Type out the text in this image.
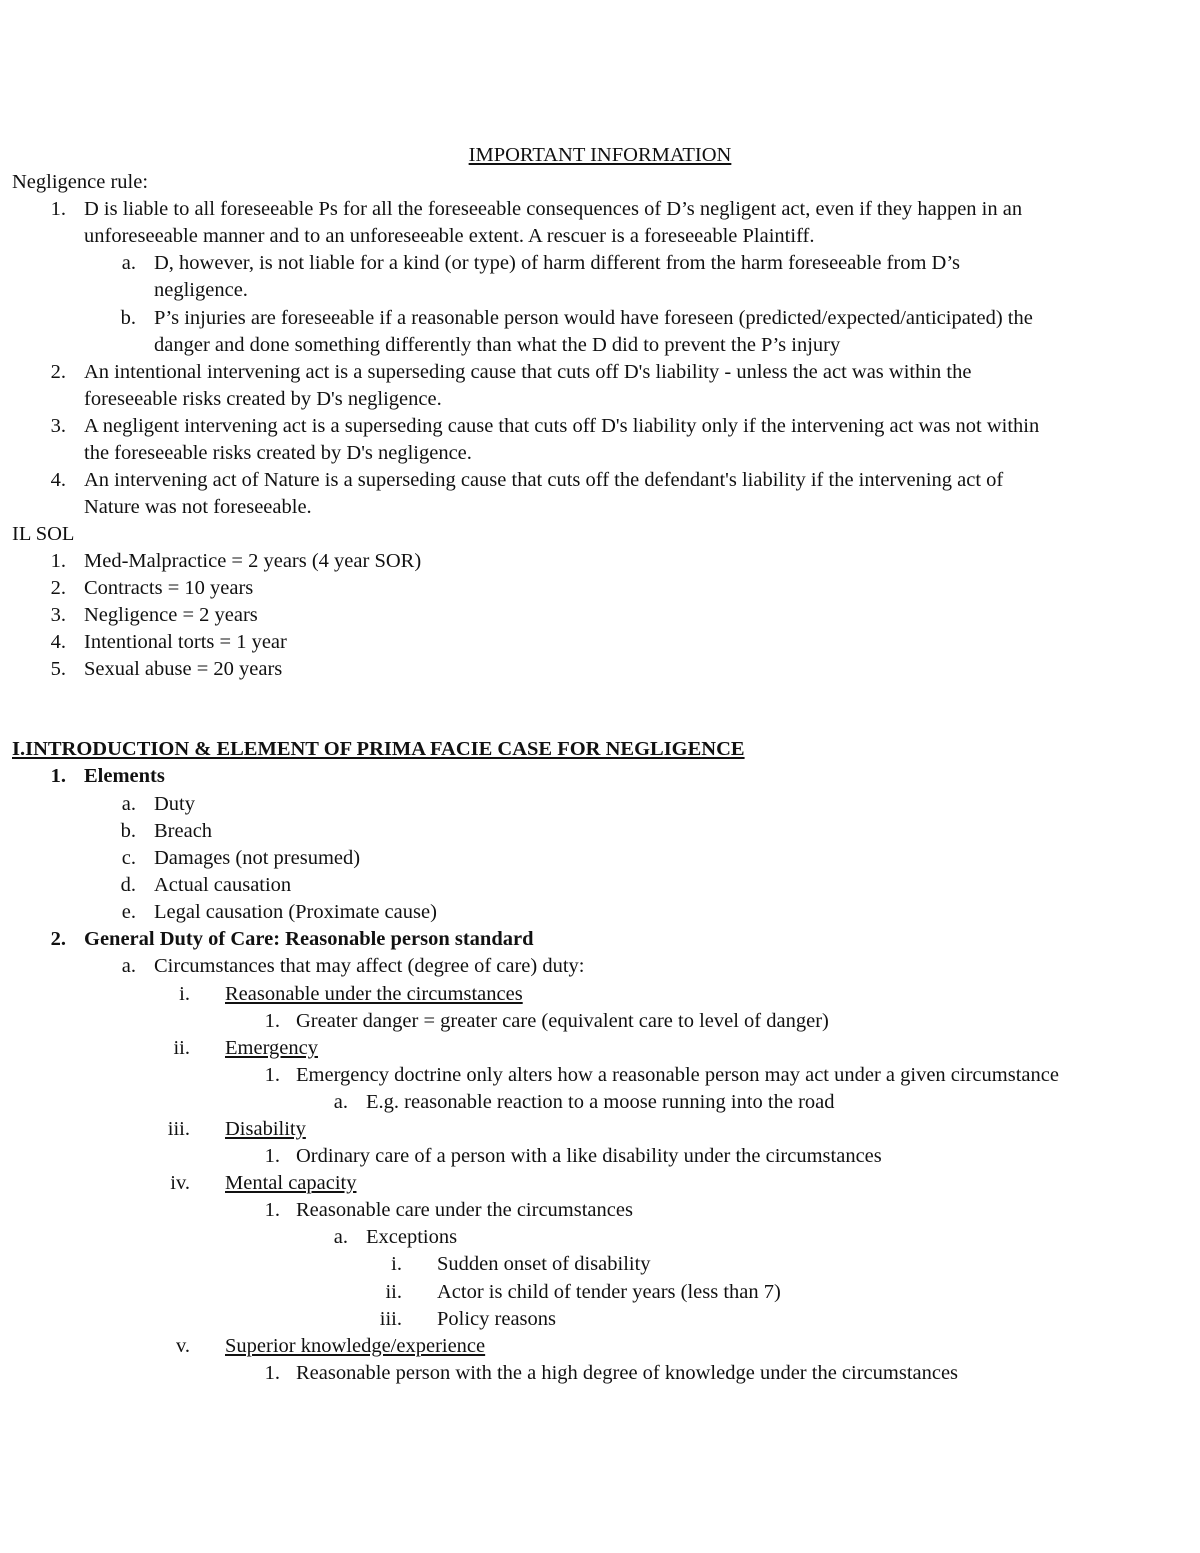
IMPORTANT INFORMATION
Negligence rule:
1. D is liable to all foreseeable Ps for all the foreseeable consequences of D’s negligent act, even if they happen in an
unforeseeable manner and to an unforeseeable extent. A rescuer is a foreseeable Plaintiff.
a. D, however, is not liable for a kind (or type) of harm different from the harm foreseeable from D’s
negligence.
b. P’s injuries are foreseeable if a reasonable person would have foreseen (predicted/expected/anticipated) the
danger and done something differently than what the D did to prevent the P’s injury
2. An intentional intervening act is a superseding cause that cuts off D's liability - unless the act was within the
foreseeable risks created by D's negligence.
3. A negligent intervening act is a superseding cause that cuts off D's liability only if the intervening act was not within
the foreseeable risks created by D's negligence.
4. An intervening act of Nature is a superseding cause that cuts off the defendant's liability if the intervening act of
Nature was not foreseeable.
IL SOL
1. Med-Malpractice = 2 years (4 year SOR)
2. Contracts = 10 years
3. Negligence = 2 years
4. Intentional torts = 1 year
5. Sexual abuse = 20 years
I.INTRODUCTION & ELEMENT OF PRIMA FACIE CASE FOR NEGLIGENCE
1. Elements
a. Duty
b. Breach
c. Damages (not presumed)
d. Actual causation
e. Legal causation (Proximate cause)
2. General Duty of Care: Reasonable person standard
a. Circumstances that may affect (degree of care) duty:
i. Reasonable under the circumstances
1. Greater danger = greater care (equivalent care to level of danger)
ii. Emergency
1. Emergency doctrine only alters how a reasonable person may act under a given circumstance
a. E.g. reasonable reaction to a moose running into the road
iii. Disability
1. Ordinary care of a person with a like disability under the circumstances
iv. Mental capacity
1. Reasonable care under the circumstances
a. Exceptions
i. Sudden onset of disability
ii. Actor is child of tender years (less than 7)
iii. Policy reasons
v. Superior knowledge/experience
1. Reasonable person with the a high degree of knowledge under the circumstances
